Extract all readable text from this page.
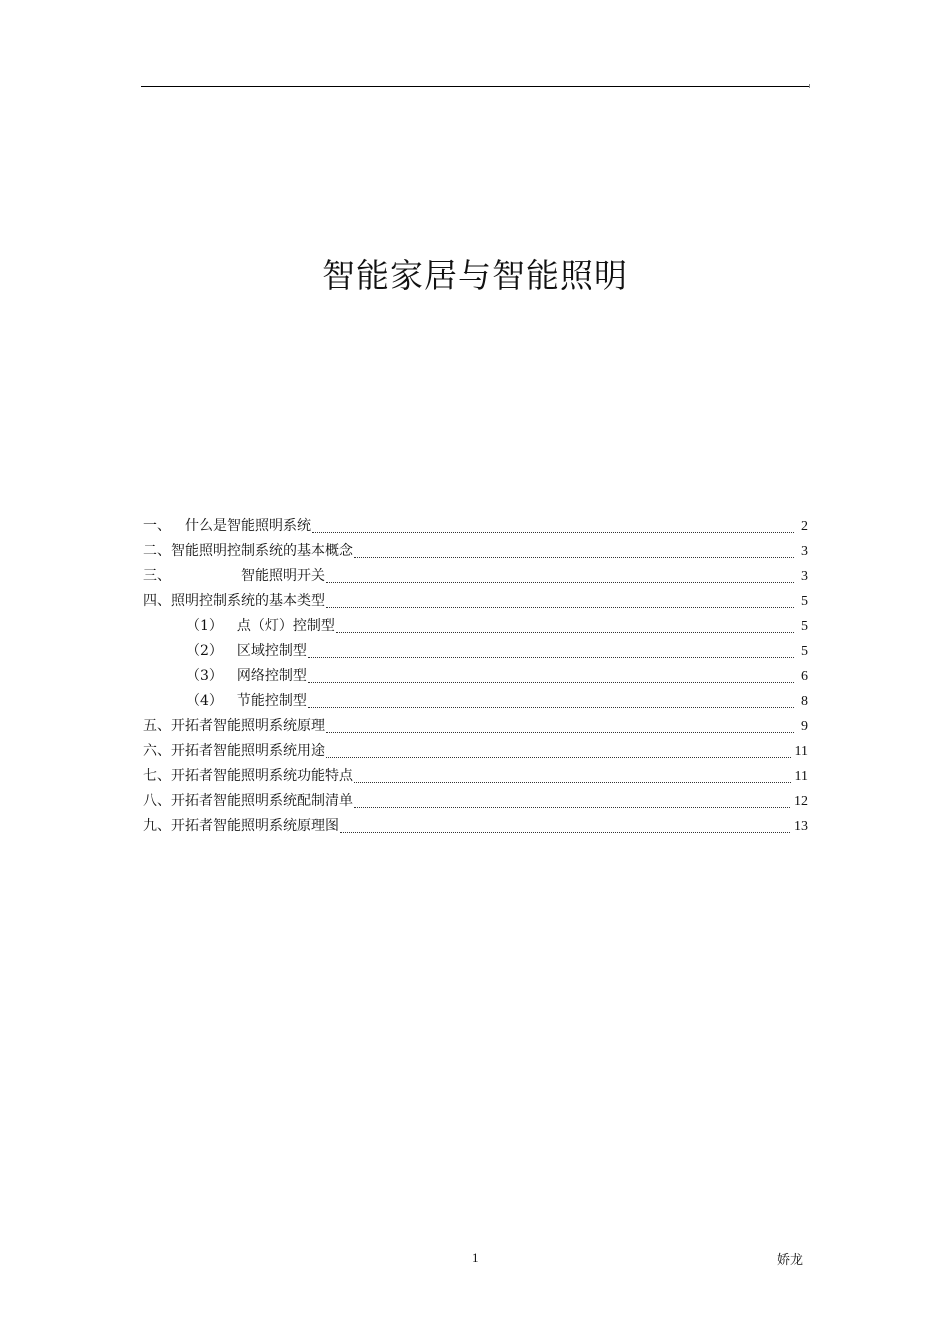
智能家居与智能照明
一、 什么是智能照明系统	2
二、智能照明控制系统的基本概念	3
三、	智能照明开关	3
四、照明控制系统的基本类型	5
（1） 点（灯）控制型	5
（2） 区域控制型	5
（3） 网络控制型	6
（4） 节能控制型	8
五、开拓者智能照明系统原理	9
六、开拓者智能照明系统用途	11
七、开拓者智能照明系统功能特点	11
八、开拓者智能照明系统配制清单	12
九、开拓者智能照明系统原理图	13
1	娇龙
